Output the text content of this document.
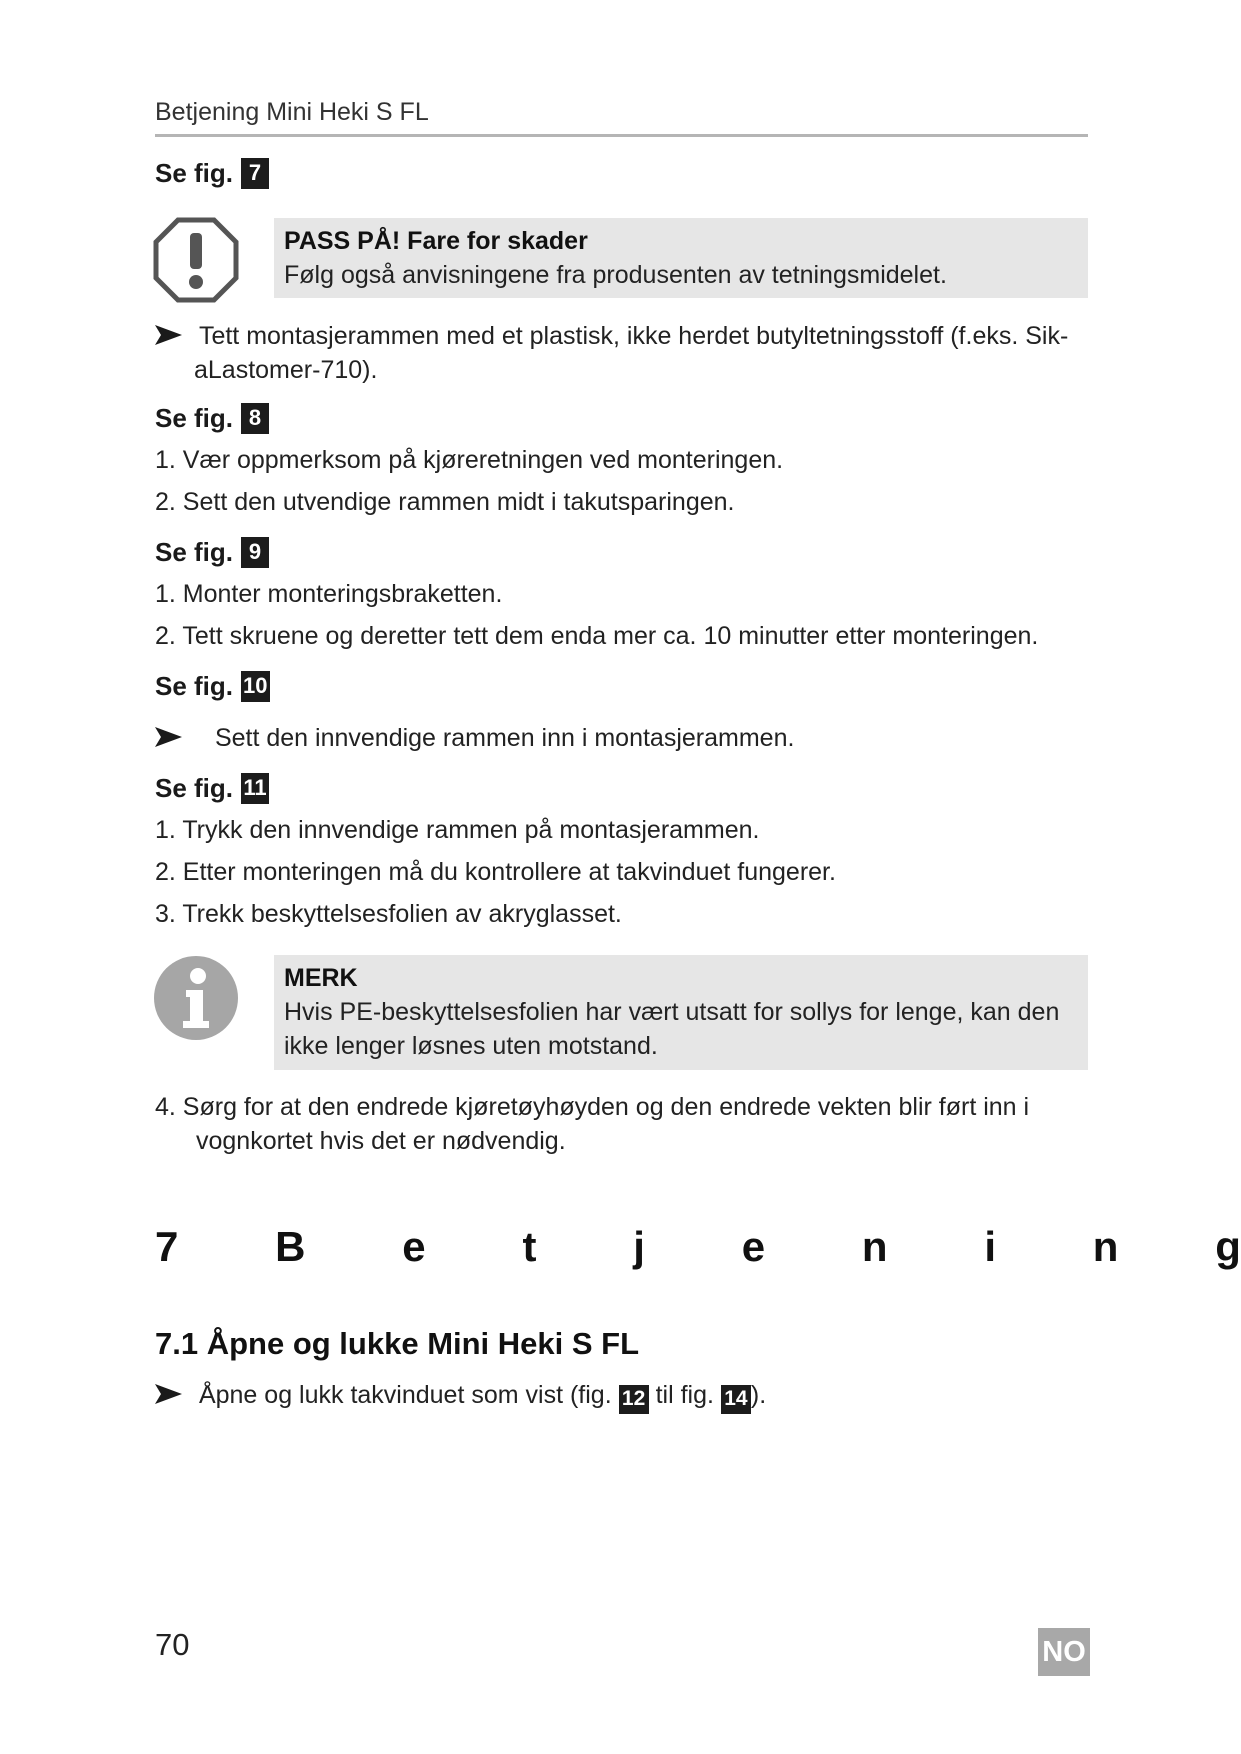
Betjening Mini Heki S FL
Se fig. 7
PASS PÅ! Fare for skader
Følg også anvisningene fra produsenten av tetningsmidelet.
Tett montasjerammen med et plastisk, ikke herdet butyltetningsstoff (f.eks. Sik-
aLastomer-710).
Se fig. 8
1. Vær oppmerksom på kjøreretningen ved monteringen.
2. Sett den utvendige rammen midt i takutsparingen.
Se fig. 9
1. Monter monteringsbraketten.
2. Tett skruene og deretter tett dem enda mer ca. 10 minutter etter monteringen.
Se fig. 10
Sett den innvendige rammen inn i montasjerammen.
Se fig. 11
1. Trykk den innvendige rammen på montasjerammen.
2. Etter monteringen må du kontrollere at takvinduet fungerer.
3. Trekk beskyttelsesfolien av akryglasset.
MERK
Hvis PE-beskyttelsesfolien har vært utsatt for sollys for lenge, kan den
ikke lenger løsnes uten motstand.
4. Sørg for at den endrede kjøretøyhøyden og den endrede vekten blir ført inn i
vognkortet hvis det er nødvendig.
7 B e t j e n i n g
7.1 Åpne og lukke Mini Heki S FL
Åpne og lukk takvinduet som vist (fig. 12 til fig. 14 ).
70	NO
